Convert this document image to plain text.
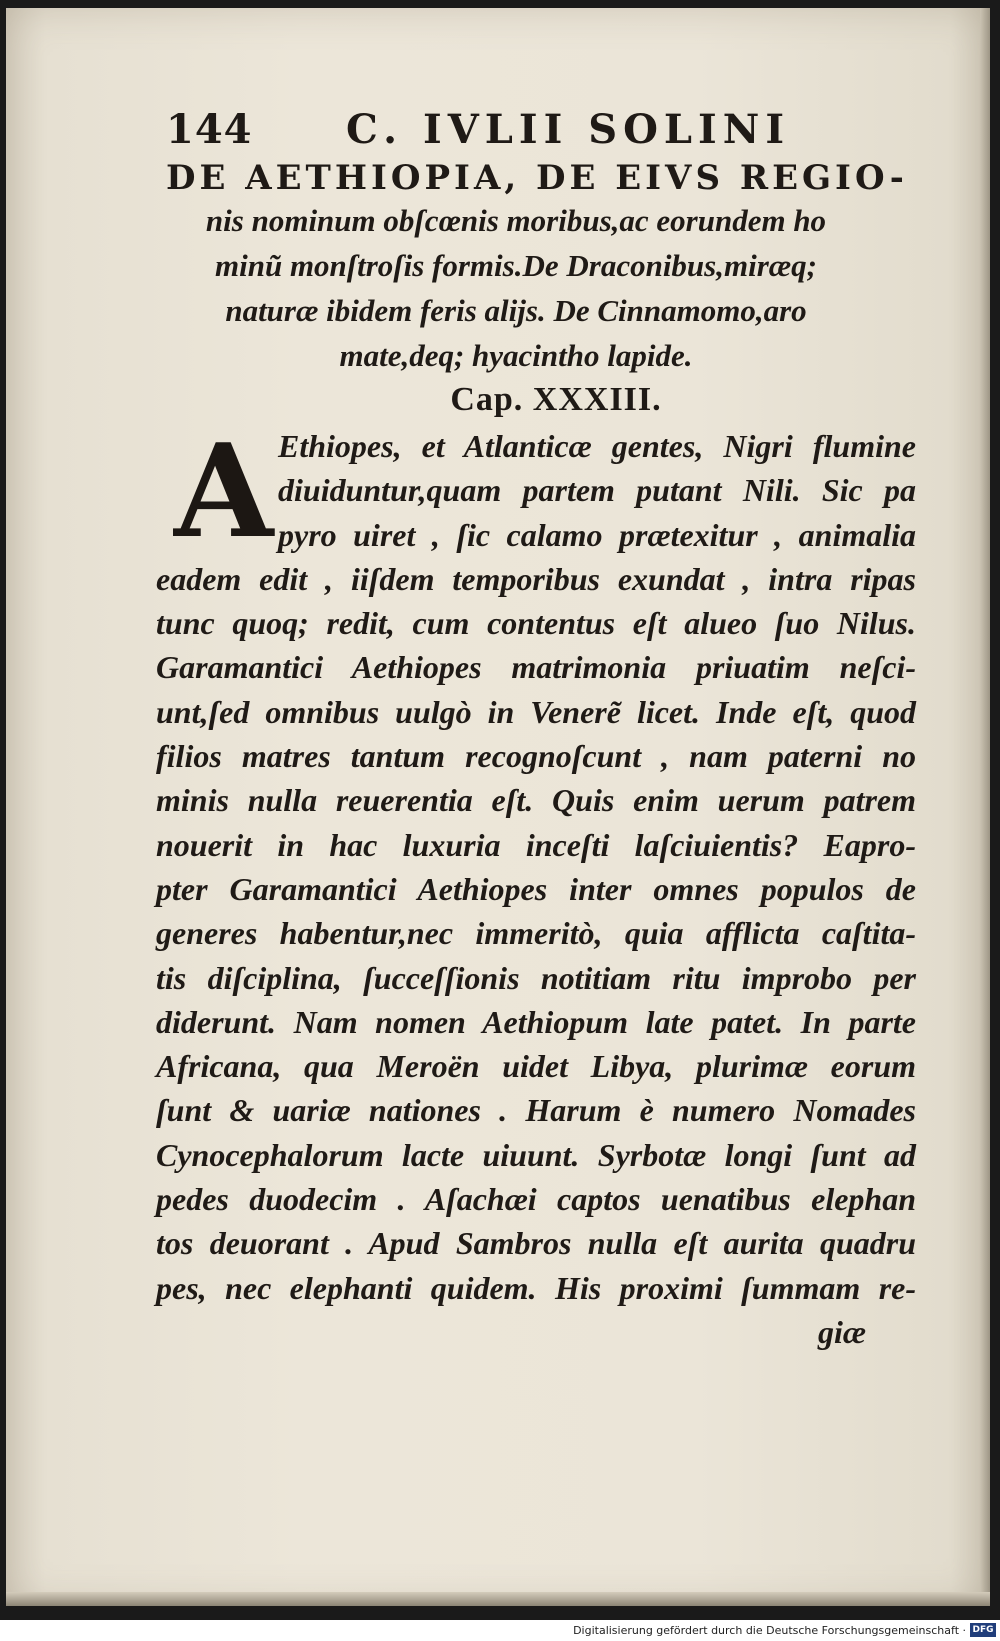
144 C. IVLII SOLINI
DE AETHIOPIA, DE EIVS REGIO-
nis nominum obſcœnis moribus,ac eorundem ho
minũ monſtroſis formis.De Draconibus,miræq;
naturæ ibidem feris alijs. De Cinnamomo,aro
mate,deq; hyacintho lapide.
Cap. XXXIII.
A Ethiopes, et Atlanticæ gentes, Nigri flumine
diuiduntur,quam partem putant Nili. Sic pa
pyro uiret , ſic calamo prætexitur , animalia
eadem edit , iiſdem temporibus exundat , intra ripas
tunc quoq; redit, cum contentus eſt alueo ſuo Nilus.
Garamantici Aethiopes matrimonia priuatim neſci-
unt,ſed omnibus uulgò in Venerẽ licet. Inde eſt, quod
filios matres tantum recognoſcunt , nam paterni no
minis nulla reuerentia eſt. Quis enim uerum patrem
nouerit in hac luxuria inceſti laſciuientis? Eapro-
pter Garamantici Aethiopes inter omnes populos de
generes habentur,nec immeritò, quia afflicta caſtita-
tis diſciplina, ſucceſſionis notitiam ritu improbo per
diderunt. Nam nomen Aethiopum late patet. In parte
Africana, qua Meroën uidet Libya, plurimæ eorum
ſunt & uariæ nationes . Harum è numero Nomades
Cynocephalorum lacte uiuunt. Syrbotæ longi ſunt ad
pedes duodecim . Aſachæi captos uenatibus elephan
tos deuorant . Apud Sambros nulla eſt aurita quadru
pes, nec elephanti quidem. His proximi ſummam re-
giæ
Digitalisierung gefördert durch die Deutsche Forschungsgemeinschaft · DFG
